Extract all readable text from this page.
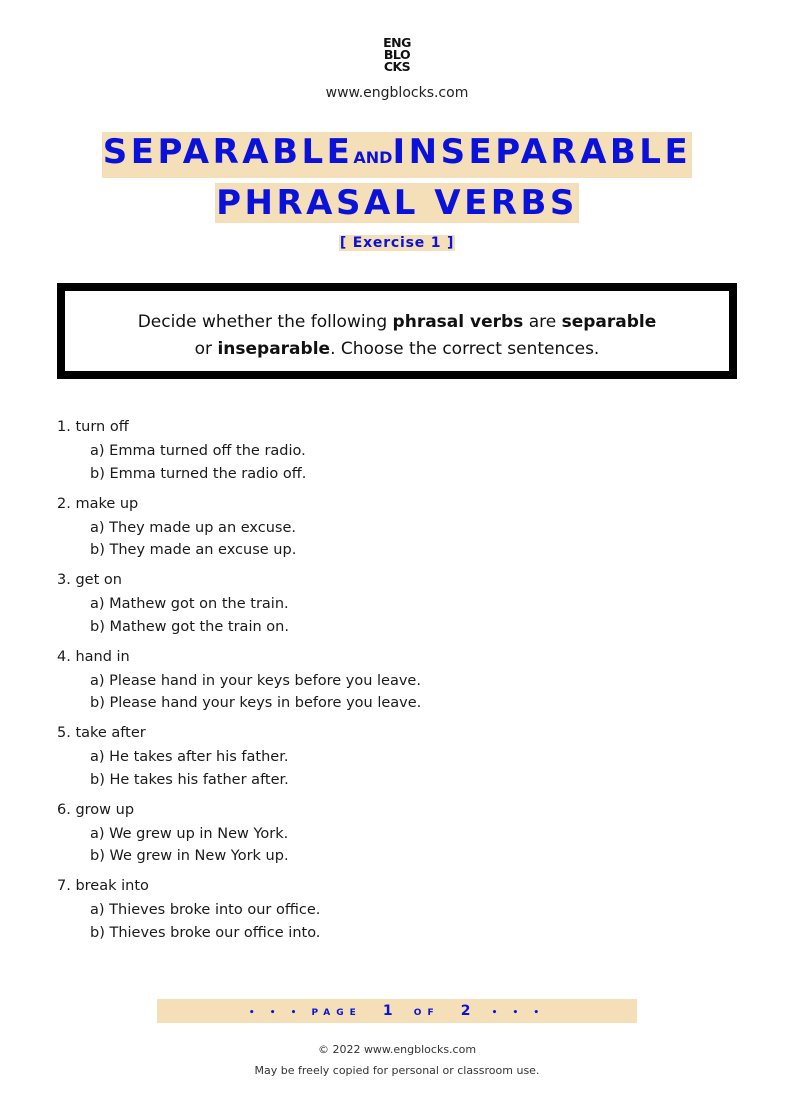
ENG
BLO
CKS
www.engblocks.com
SEPARABLEANDINSEPARABLE
PHRASAL VERBS
[ Exercise 1 ]
Decide whether the following phrasal verbs are separable
or inseparable. Choose the correct sentences.
1. turn off
a) Emma turned off the radio.
b) Emma turned the radio off.
2. make up
a) They made up an excuse.
b) They made an excuse up.
3. get on
a) Mathew got on the train.
b) Mathew got the train on.
4. hand in
a) Please hand in your keys before you leave.
b) Please hand your keys in before you leave.
5. take after
a) He takes after his father.
b) He takes his father after.
6. grow up
a) We grew up in New York.
b) We grew in New York up.
7. break into
a) Thieves broke into our office.
b) Thieves broke our office into.
• • • PAGE 1 OF 2 • • •
© 2022 www.engblocks.com
May be freely copied for personal or classroom use.
